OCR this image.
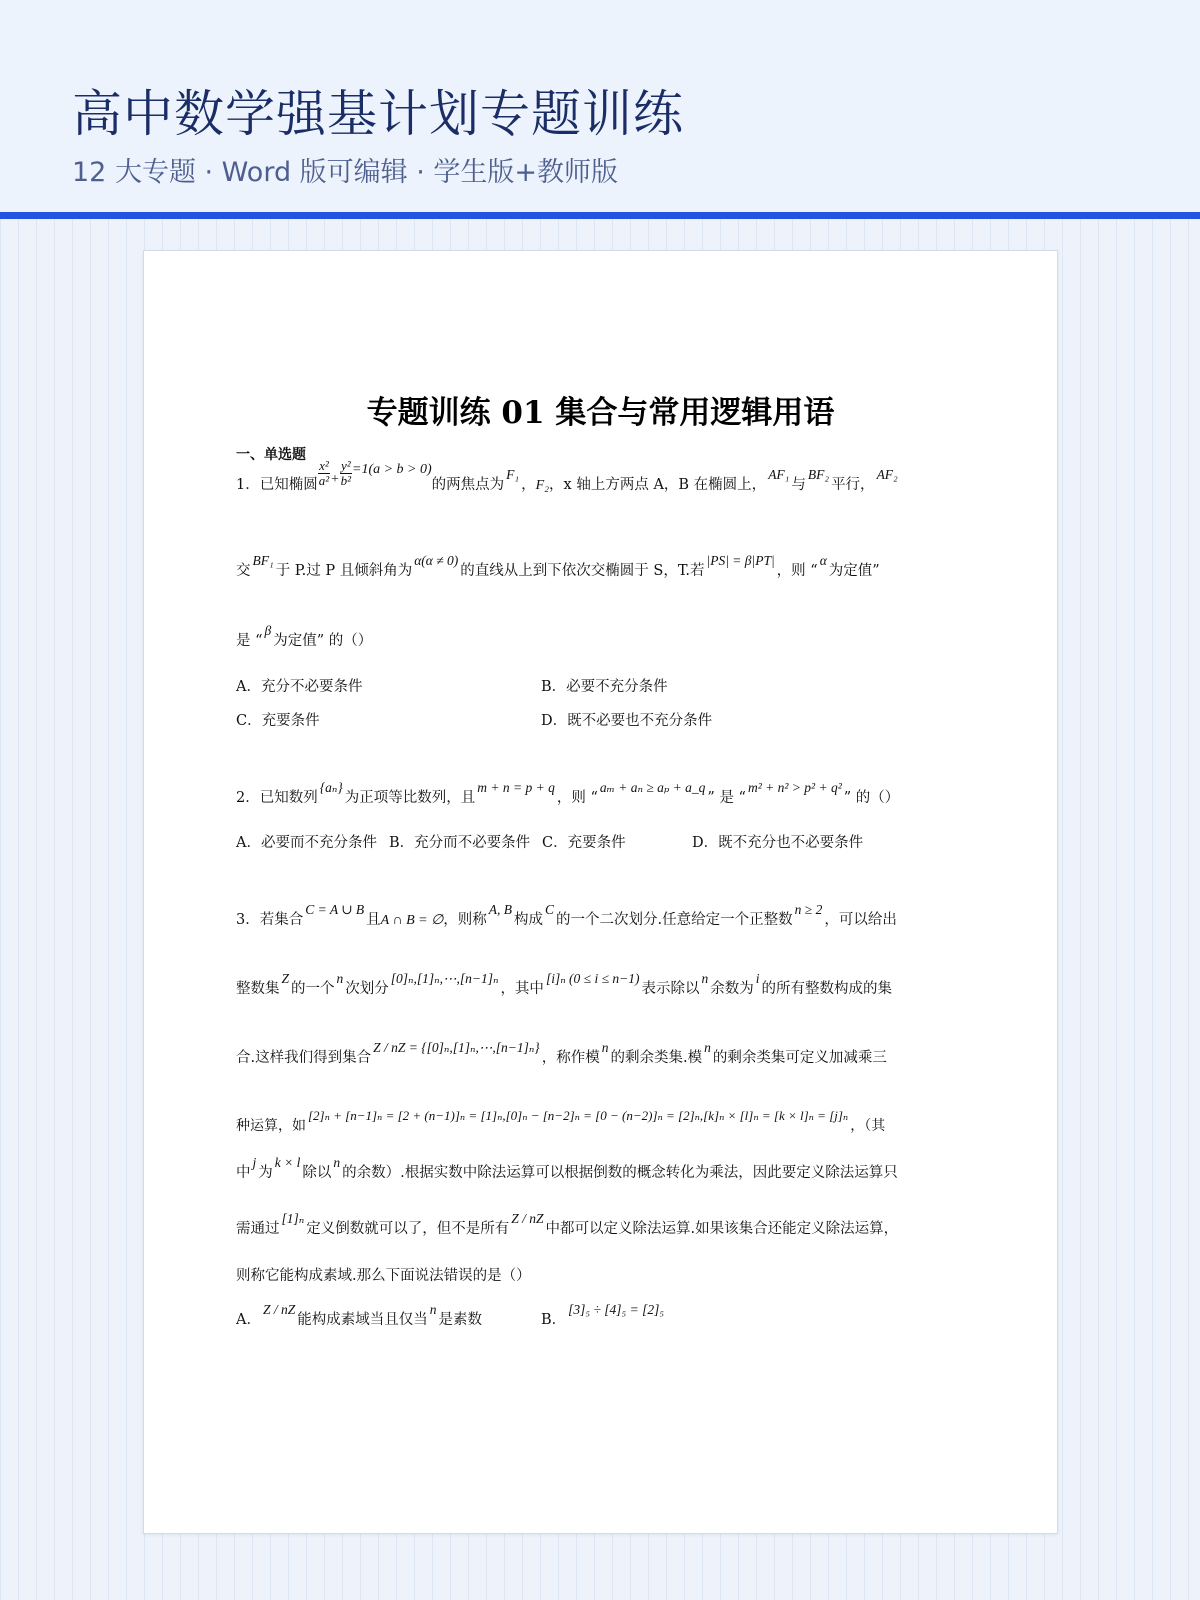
高中数学强基计划专题训练
12 大专题 · Word 版可编辑 · 学生版+教师版
专题训练 01 集合与常用逻辑用语
一、单选题
1．已知椭圆 $\frac{\text{x²}}{\text{a²}} + \frac{\text{y²}}{\text{b²}} =1(a > b > 0)$的两焦点为F₁，F₂，x 轴上方两点 A，B 在椭圆上，AF₁与BF₂平行，AF₂
交BF₁于 P.过 P 且倾斜角为α(α ≠ 0)的直线从上到下依次交椭圆于 S，T.若|PS| = β|PT|，则 “α为定值”
是 “β为定值” 的（）
A．充分不必要条件	B．必要不充分条件
C．充要条件	D．既不必要也不充分条件
2．已知数列{aₙ}为正项等比数列，且m + n = p + q，则 “aₘ + aₙ ≥ aₚ + a_q” 是 “m² + n² > p² + q²” 的（）
A．必要而不充分条件 B．充分而不必要条件 C．充要条件	D．既不充分也不必要条件
3．若集合C = A ∪ B且A ∩ B = ∅，则称A, B构成C的一个二次划分.任意给定一个正整数n ≥ 2，可以给出
整数集Z的一个n次划分[0]ₙ,[1]ₙ,⋯,[n−1]ₙ，其中[i]ₙ (0 ≤ i ≤ n−1)表示除以n余数为i的所有整数构成的集
合.这样我们得到集合Z / nZ = {[0]ₙ,[1]ₙ,⋯,[n−1]ₙ}，称作模n的剩余类集.模n的剩余类集可定义加减乘三
种运算，如[2]ₙ + [n−1]ₙ = [2 + (n−1)]ₙ = [1]ₙ,[0]ₙ − [n−2]ₙ = [0 − (n−2)]ₙ = [2]ₙ,[k]ₙ × [l]ₙ = [k × l]ₙ = [j]ₙ，（其
中j为k × l除以n的余数）.根据实数中除法运算可以根据倒数的概念转化为乘法，因此要定义除法运算只
需通过[1]ₙ定义倒数就可以了，但不是所有Z / nZ中都可以定义除法运算.如果该集合还能定义除法运算，
则称它能构成素域.那么下面说法错误的是（）
A．Z / nZ能构成素域当且仅当n是素数	B．[3]₅ ÷ [4]₅ = [2]₅
